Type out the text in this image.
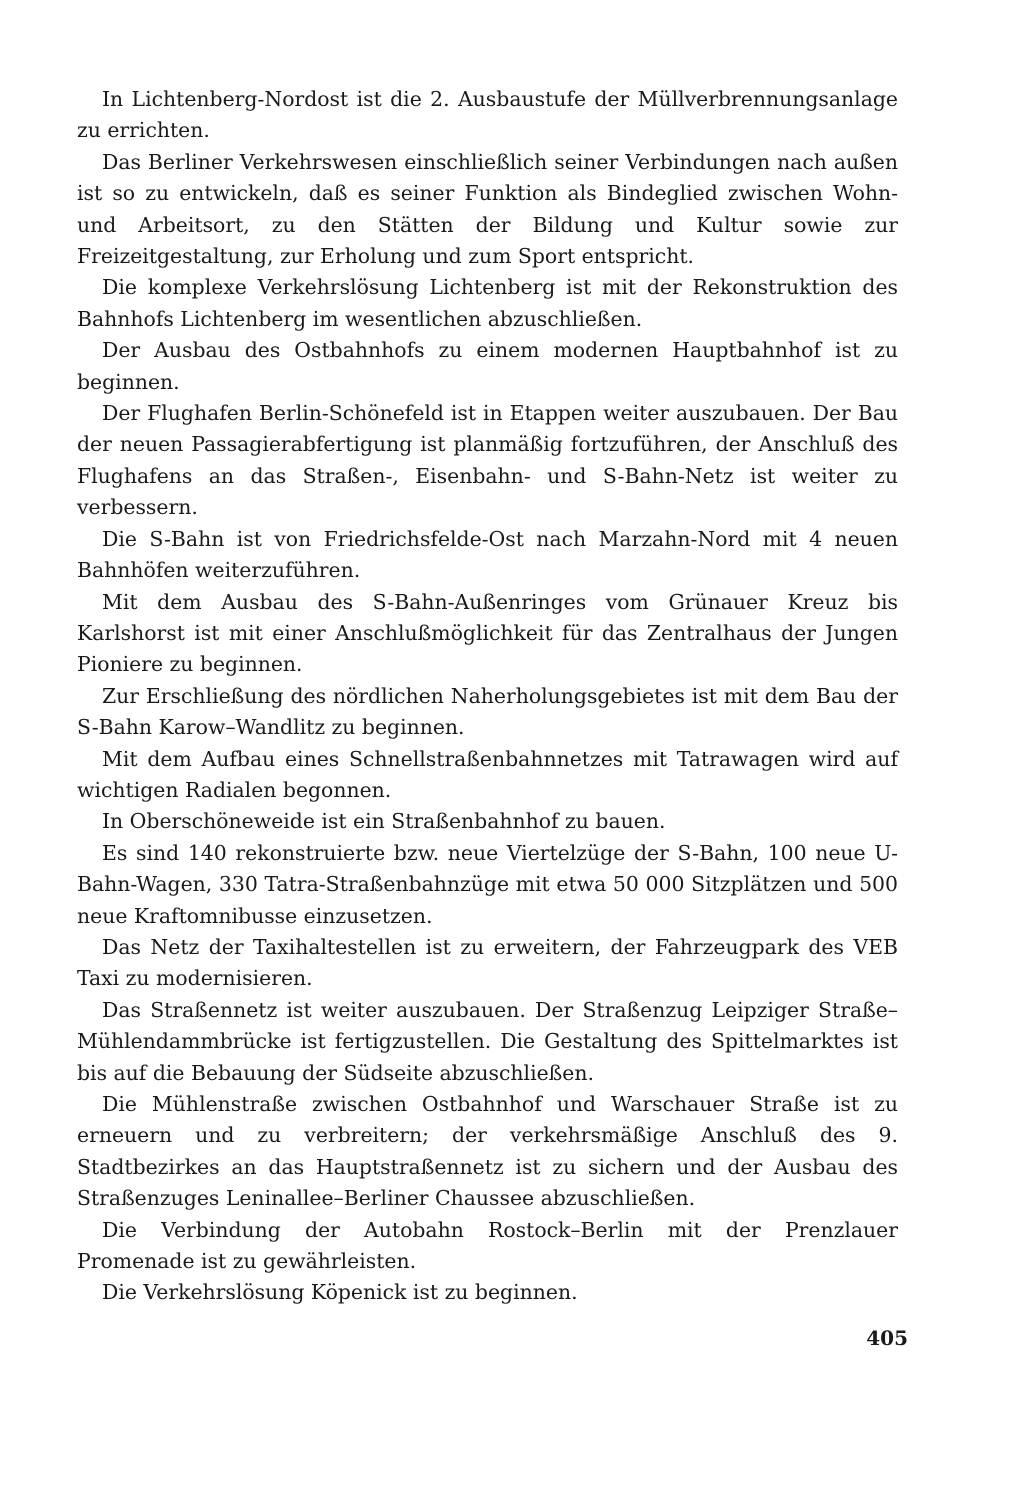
In Lichtenberg-Nordost ist die 2. Ausbaustufe der Müllverbrennungsanlage zu errichten.

Das Berliner Verkehrswesen einschließlich seiner Verbindungen nach außen ist so zu entwickeln, daß es seiner Funktion als Bindeglied zwischen Wohn- und Arbeitsort, zu den Stätten der Bildung und Kultur sowie zur Freizeitgestaltung, zur Erholung und zum Sport entspricht.

Die komplexe Verkehrslösung Lichtenberg ist mit der Rekonstruktion des Bahnhofs Lichtenberg im wesentlichen abzuschließen.

Der Ausbau des Ostbahnhofs zu einem modernen Hauptbahnhof ist zu beginnen.

Der Flughafen Berlin-Schönefeld ist in Etappen weiter auszubauen. Der Bau der neuen Passagierabfertigung ist planmäßig fortzuführen, der Anschluß des Flughafens an das Straßen-, Eisenbahn- und S-Bahn-Netz ist weiter zu verbessern.

Die S-Bahn ist von Friedrichsfelde-Ost nach Marzahn-Nord mit 4 neuen Bahnhöfen weiterzuführen.

Mit dem Ausbau des S-Bahn-Außenringes vom Grünauer Kreuz bis Karlshorst ist mit einer Anschlußmöglichkeit für das Zentralhaus der Jungen Pioniere zu beginnen.

Zur Erschließung des nördlichen Naherholungsgebietes ist mit dem Bau der S-Bahn Karow–Wandlitz zu beginnen.

Mit dem Aufbau eines Schnellstraßenbahnnetzes mit Tatrawagen wird auf wichtigen Radialen begonnen.

In Oberschöneweide ist ein Straßenbahnhof zu bauen.

Es sind 140 rekonstruierte bzw. neue Viertelzüge der S-Bahn, 100 neue U-Bahn-Wagen, 330 Tatra-Straßenbahnzüge mit etwa 50 000 Sitzplätzen und 500 neue Kraftomnibusse einzusetzen.

Das Netz der Taxihaltestellen ist zu erweitern, der Fahrzeugpark des VEB Taxi zu modernisieren.

Das Straßennetz ist weiter auszubauen. Der Straßenzug Leipziger Straße–Mühlendammbrücke ist fertigzustellen. Die Gestaltung des Spittelmarktes ist bis auf die Bebauung der Südseite abzuschließen.

Die Mühlenstraße zwischen Ostbahnhof und Warschauer Straße ist zu erneuern und zu verbreitern; der verkehrsmäßige Anschluß des 9. Stadtbezirkes an das Hauptstraßennetz ist zu sichern und der Ausbau des Straßenzuges Leninallee–Berliner Chaussee abzuschließen.

Die Verbindung der Autobahn Rostock–Berlin mit der Prenzlauer Promenade ist zu gewährleisten.

Die Verkehrslösung Köpenick ist zu beginnen.

405
